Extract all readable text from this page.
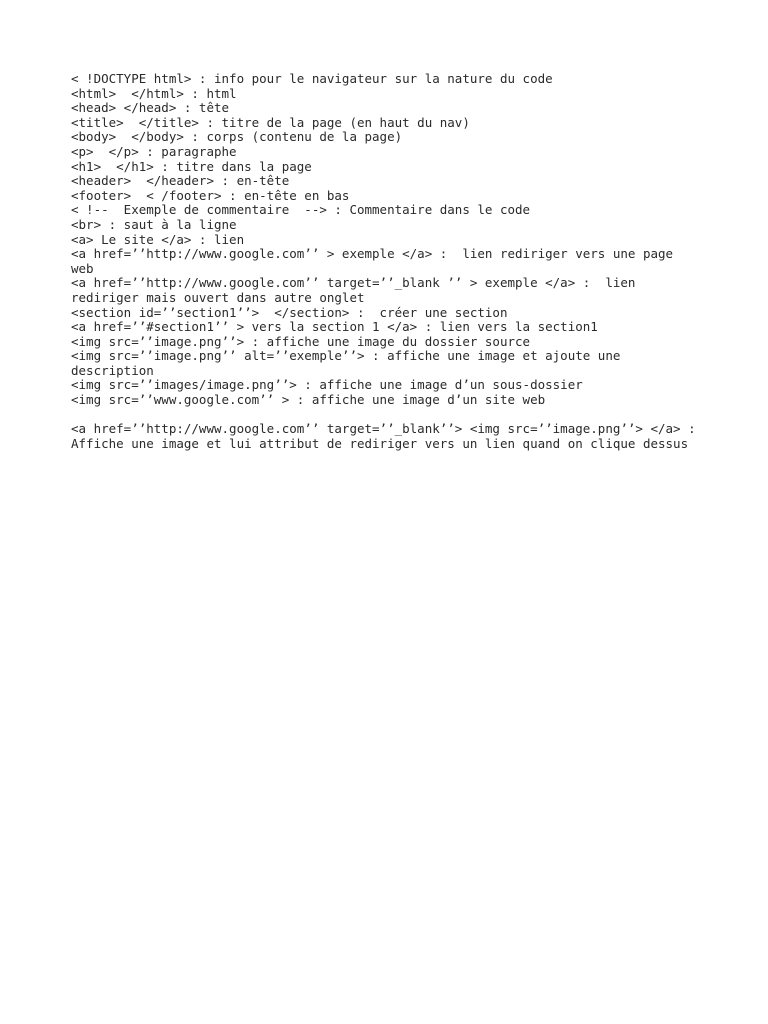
< !DOCTYPE html> : info pour le navigateur sur la nature du code
<html>  </html> : html
<head> </head> : tête
<title>  </title> : titre de la page (en haut du nav)
<body>  </body> : corps (contenu de la page)
<p>  </p> : paragraphe
<h1>  </h1> : titre dans la page
<header>  </header> : en-tête
<footer>  < /footer> : en-tête en bas
< !--  Exemple de commentaire  --> : Commentaire dans le code
<br> : saut à la ligne
<a> Le site </a> : lien
<a href=’’http://www.google.com’’ > exemple </a> :  lien rediriger vers une page
web
<a href=’’http://www.google.com’’ target=’’_blank ’’ > exemple </a> :  lien
rediriger mais ouvert dans autre onglet
<section id=’’section1’’>  </section> :  créer une section
<a href=’’#section1’’ > vers la section 1 </a> : lien vers la section1
<img src=’’image.png’’> : affiche une image du dossier source
<img src=’’image.png’’ alt=’’exemple’’> : affiche une image et ajoute une
description
<img src=’’images/image.png’’> : affiche une image d’un sous-dossier
<img src=’’www.google.com’’ > : affiche une image d’un site web
<a href=’’http://www.google.com’’ target=’’_blank’’> <img src=’’image.png’’> </a> :
Affiche une image et lui attribut de rediriger vers un lien quand on clique dessus
